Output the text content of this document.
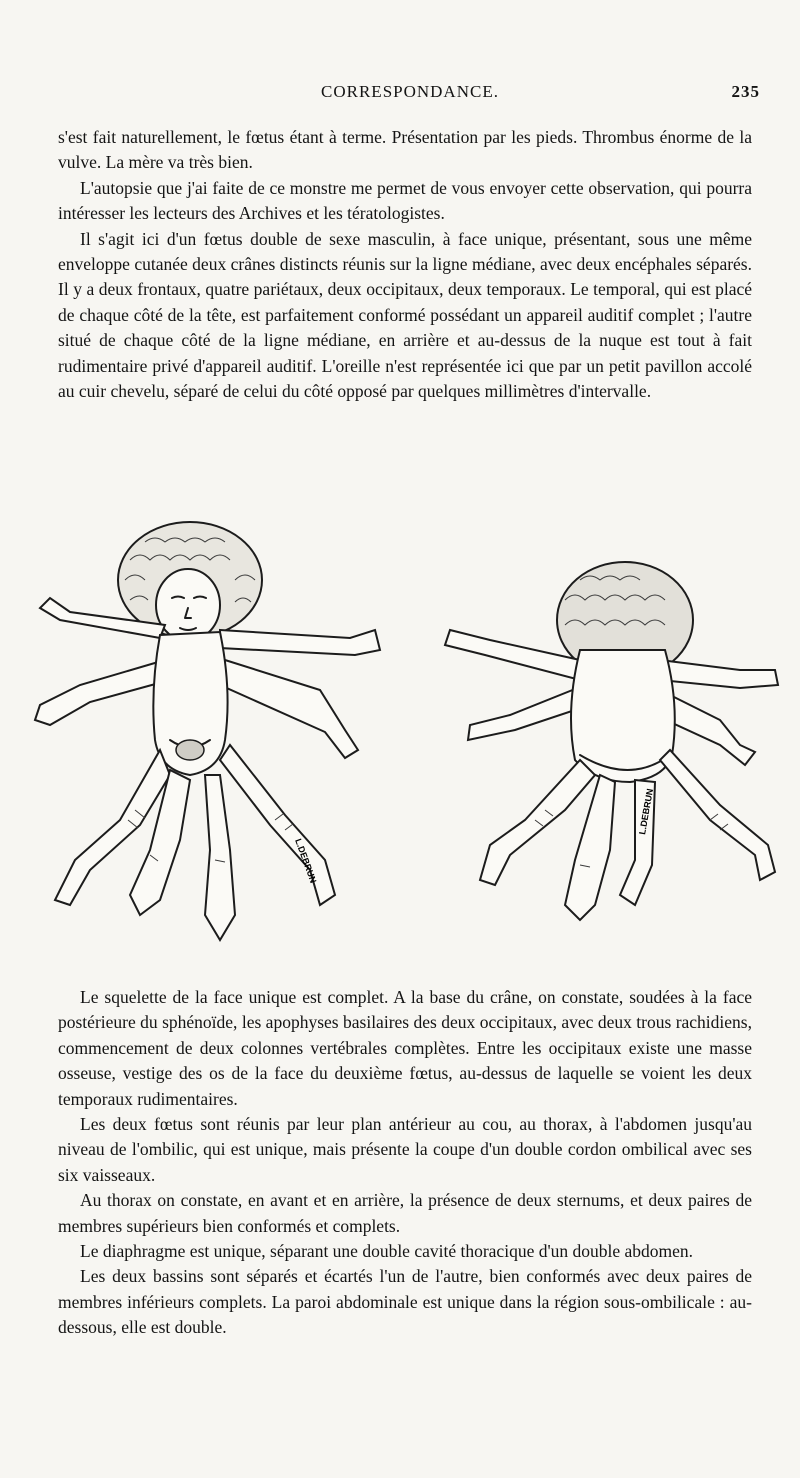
CORRESPONDANCE.	235

s'est fait naturellement, le fœtus étant à terme. Présentation par les pieds. Thrombus énorme de la vulve. La mère va très bien.

L'autopsie que j'ai faite de ce monstre me permet de vous envoyer cette observation, qui pourra intéresser les lecteurs des Archives et les tératologistes.

Il s'agit ici d'un fœtus double de sexe masculin, à face unique, présentant, sous une même enveloppe cutanée deux crânes distincts réunis sur la ligne médiane, avec deux encéphales séparés. Il y a deux frontaux, quatre pariétaux, deux occipitaux, deux temporaux. Le temporal, qui est placé de chaque côté de la tête, est parfaitement conformé possédant un appareil auditif complet ; l'autre situé de chaque côté de la ligne médiane, en arrière et au-dessus de la nuque est tout à fait rudimentaire privé d'appareil auditif. L'oreille n'est représentée ici que par un petit pavillon accolé au cuir chevelu, séparé de celui du côté opposé par quelques millimètres d'intervalle.

L.DEBRUN
L.DEBRUN

Le squelette de la face unique est complet. A la base du crâne, on constate, soudées à la face postérieure du sphénoïde, les apophyses basilaires des deux occipitaux, avec deux trous rachidiens, commencement de deux colonnes vertébrales complètes. Entre les occipitaux existe une masse osseuse, vestige des os de la face du deuxième fœtus, au-dessus de laquelle se voient les deux temporaux rudimentaires.

Les deux fœtus sont réunis par leur plan antérieur au cou, au thorax, à l'abdomen jusqu'au niveau de l'ombilic, qui est unique, mais présente la coupe d'un double cordon ombilical avec ses six vaisseaux.

Au thorax on constate, en avant et en arrière, la présence de deux sternums, et deux paires de membres supérieurs bien conformés et complets.

Le diaphragme est unique, séparant une double cavité thoracique d'un double abdomen.

Les deux bassins sont séparés et écartés l'un de l'autre, bien conformés avec deux paires de membres inférieurs complets. La paroi abdominale est unique dans la région sous-ombilicale : au-dessous, elle est double.
